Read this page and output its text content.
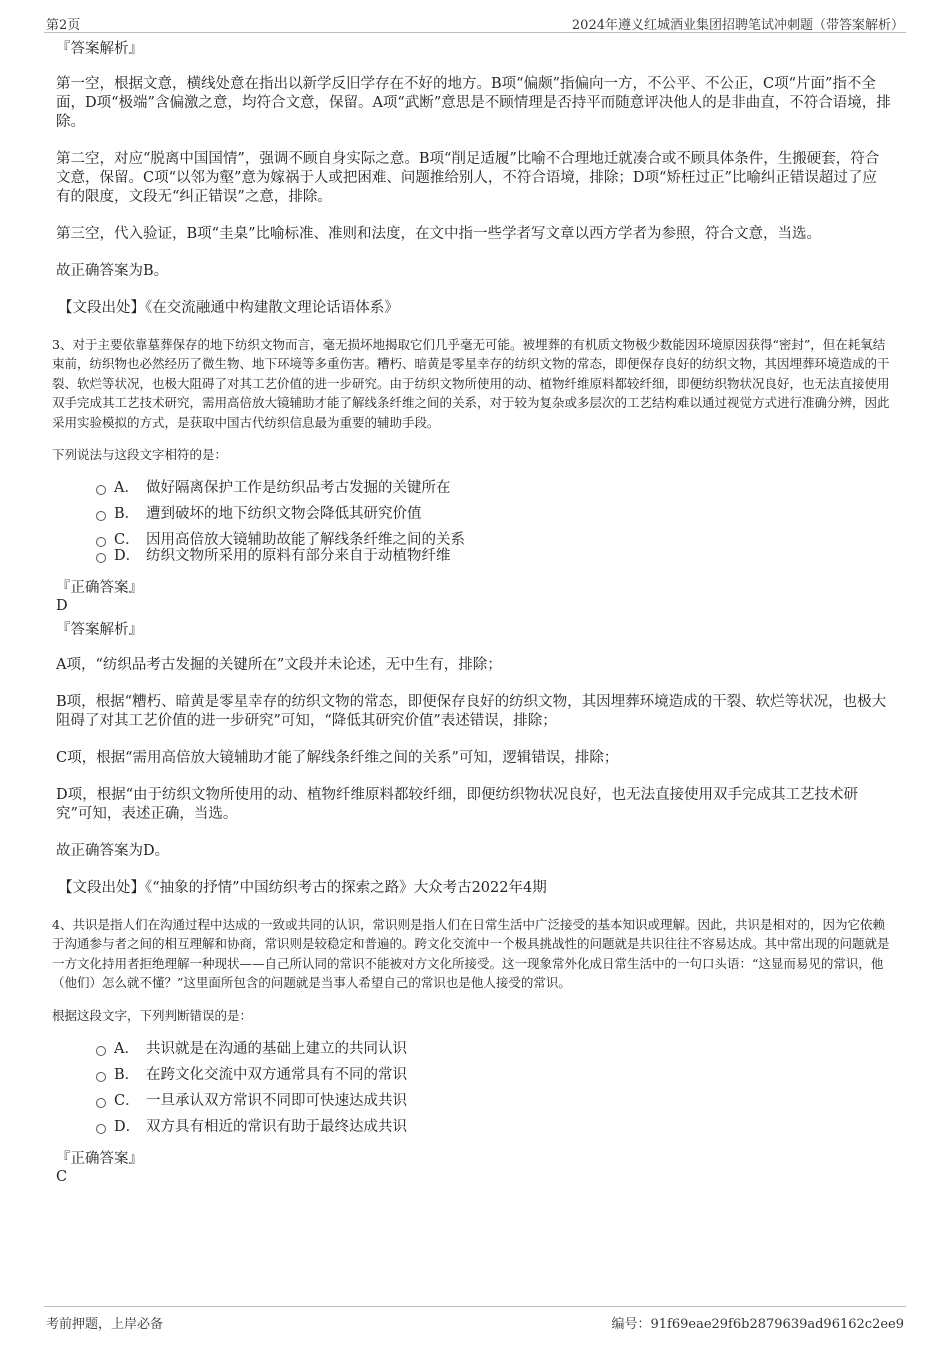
第2页	2024年遵义红城酒业集团招聘笔试冲刺题（带答案解析）

『答案解析』

第一空，根据文意，横线处意在指出以新学反旧学存在不好的地方。B项“偏颇”指偏向一方，不公平、不公正，C项“片面”指不全面，D项“极端”含偏激之意，均符合文意，保留。A项“武断”意思是不顾情理是否持平而随意评决他人的是非曲直，不符合语境，排除。

第二空，对应“脱离中国国情”，强调不顾自身实际之意。B项“削足适履”比喻不合理地迁就凑合或不顾具体条件，生搬硬套，符合文意，保留。C项“以邻为壑”意为嫁祸于人或把困难、问题推给别人，不符合语境，排除；D项“矫枉过正”比喻纠正错误超过了应有的限度，文段无“纠正错误”之意，排除。

第三空，代入验证，B项“圭臬”比喻标准、准则和法度，在文中指一些学者写文章以西方学者为参照，符合文意，当选。

故正确答案为B。

【文段出处】《在交流融通中构建散文理论话语体系》

3、对于主要依靠墓葬保存的地下纺织文物而言，毫无损坏地揭取它们几乎毫无可能。被埋葬的有机质文物极少数能因环境原因获得“密封”，但在耗氧结束前，纺织物也必然经历了微生物、地下环境等多重伤害。糟朽、暗黄是零星幸存的纺织文物的常态，即便保存良好的纺织文物，其因埋葬环境造成的干裂、软烂等状况，也极大阻碍了对其工艺价值的进一步研究。由于纺织文物所使用的动、植物纤维原料都较纤细，即便纺织物状况良好，也无法直接使用双手完成其工艺技术研究，需用高倍放大镜辅助才能了解线条纤维之间的关系，对于较为复杂或多层次的工艺结构难以通过视觉方式进行准确分辨，因此采用实验模拟的方式，是获取中国古代纺织信息最为重要的辅助手段。

下列说法与这段文字相符的是：

A． 做好隔离保护工作是纺织品考古发掘的关键所在
B． 遭到破坏的地下纺织文物会降低其研究价值
C． 因用高倍放大镜辅助故能了解线条纤维之间的关系
D． 纺织文物所采用的原料有部分来自于动植物纤维

『正确答案』

D

『答案解析』

A项，“纺织品考古发掘的关键所在”文段并未论述，无中生有，排除；

B项，根据“糟朽、暗黄是零星幸存的纺织文物的常态，即便保存良好的纺织文物，其因埋葬环境造成的干裂、软烂等状况，也极大阻碍了对其工艺价值的进一步研究”可知，“降低其研究价值”表述错误，排除；

C项，根据“需用高倍放大镜辅助才能了解线条纤维之间的关系”可知，逻辑错误，排除；

D项，根据“由于纺织文物所使用的动、植物纤维原料都较纤细，即便纺织物状况良好，也无法直接使用双手完成其工艺技术研究”可知，表述正确，当选。

故正确答案为D。

【文段出处】《“抽象的抒情”中国纺织考古的探索之路》大众考古2022年4期

4、共识是指人们在沟通过程中达成的一致或共同的认识，常识则是指人们在日常生活中广泛接受的基本知识或理解。因此，共识是相对的，因为它依赖于沟通参与者之间的相互理解和协商，常识则是较稳定和普遍的。跨文化交流中一个极具挑战性的问题就是共识往往不容易达成。其中常出现的问题就是一方文化持用者拒绝理解一种现状——自己所认同的常识不能被对方文化所接受。这一现象常外化成日常生活中的一句口头语：“这显而易见的常识，他（他们）怎么就不懂？”这里面所包含的问题就是当事人希望自己的常识也是他人接受的常识。

根据这段文字，下列判断错误的是：

A． 共识就是在沟通的基础上建立的共同认识
B． 在跨文化交流中双方通常具有不同的常识
C． 一旦承认双方常识不同即可快速达成共识
D． 双方具有相近的常识有助于最终达成共识

『正确答案』

C

考前押题，上岸必备	编号：91f69eae29f6b2879639ad96162c2ee9
